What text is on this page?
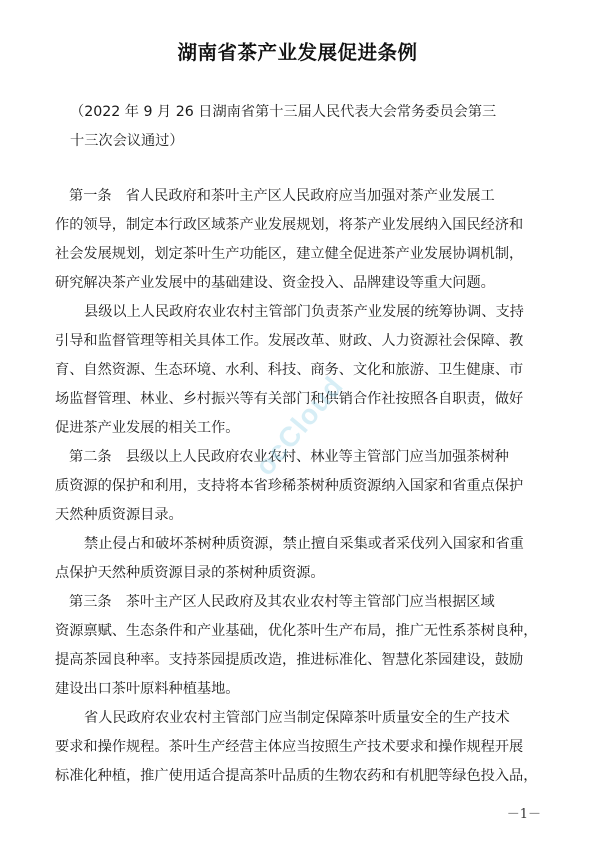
湖南省茶产业发展促进条例
（2022 年 9 月 26 日湖南省第十三届人民代表大会常务委员会第三
十三次会议通过）
第一条　省人民政府和茶叶主产区人民政府应当加强对茶产业发展工
作的领导，制定本行政区域茶产业发展规划，将茶产业发展纳入国民经济和
社会发展规划，划定茶叶生产功能区，建立健全促进茶产业发展协调机制，
研究解决茶产业发展中的基础建设、资金投入、品牌建设等重大问题。
县级以上人民政府农业农村主管部门负责茶产业发展的统筹协调、支持
引导和监督管理等相关具体工作。发展改革、财政、人力资源社会保障、教
育、自然资源、生态环境、水利、科技、商务、文化和旅游、卫生健康、市
场监督管理、林业、乡村振兴等有关部门和供销合作社按照各自职责，做好
促进茶产业发展的相关工作。
第二条　县级以上人民政府农业农村、林业等主管部门应当加强茶树种
质资源的保护和利用，支持将本省珍稀茶树种质资源纳入国家和省重点保护
天然种质资源目录。
禁止侵占和破坏茶树种质资源，禁止擅自采集或者采伐列入国家和省重
点保护天然种质资源目录的茶树种质资源。
第三条　茶叶主产区人民政府及其农业农村等主管部门应当根据区域
资源禀赋、生态条件和产业基础，优化茶叶生产布局，推广无性系茶树良种，
提高茶园良种率。支持茶园提质改造，推进标准化、智慧化茶园建设，鼓励
建设出口茶叶原料种植基地。
省人民政府农业农村主管部门应当制定保障茶叶质量安全的生产技术
要求和操作规程。茶叶生产经营主体应当按照生产技术要求和操作规程开展
标准化种植，推广使用适合提高茶叶品质的生物农药和有机肥等绿色投入品，
ocCloud
－1－
